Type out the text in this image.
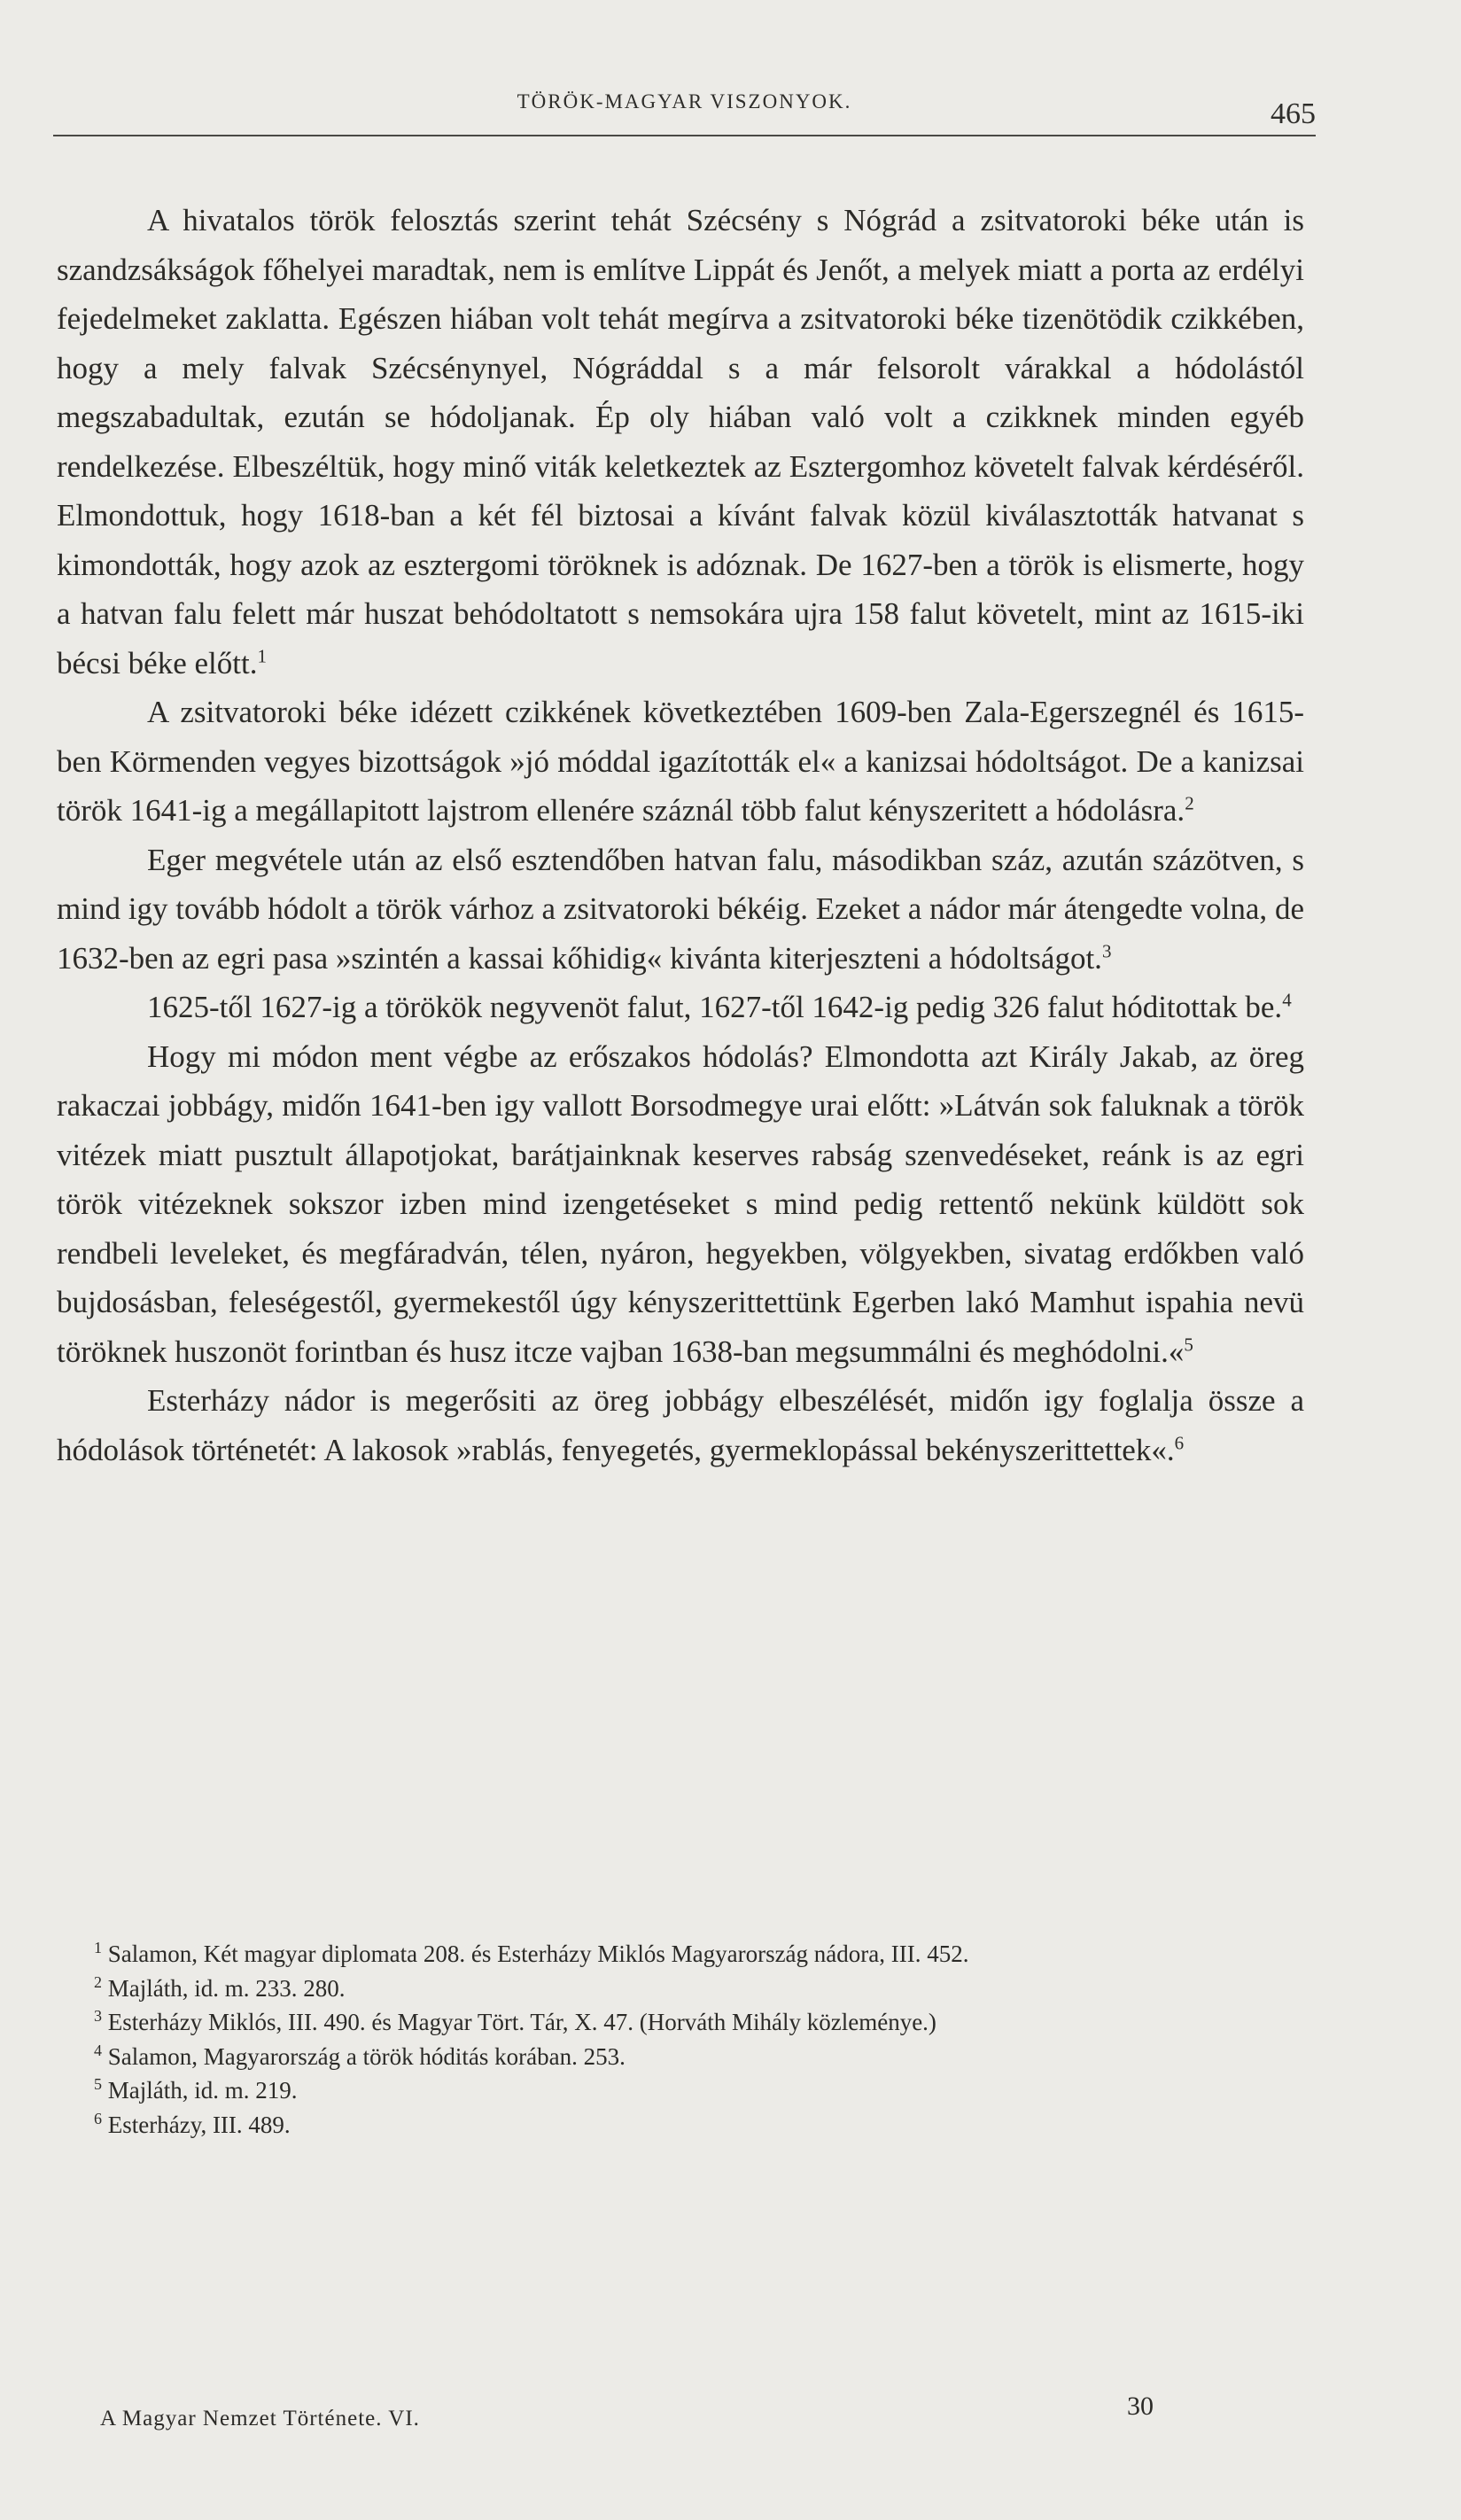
TÖRÖK-MAGYAR VISZONYOK.	465

A hivatalos török felosztás szerint tehát Szécsény s Nógrád a zsitvatoroki béke után is szandzsákságok főhelyei maradtak, nem is említve Lippát és Jenőt, a melyek miatt a porta az erdélyi fejedelmeket zaklatta. Egészen hiában volt tehát megírva a zsitvatoroki béke tizenötödik czikkében, hogy a mely falvak Szécsénynyel, Nógráddal s a már felsorolt várakkal a hódolástól megszabadultak, ezután se hódoljanak. Ép oly hiában való volt a czikknek minden egyéb rendelkezése. Elbeszéltük, hogy minő viták keletkeztek az Esztergomhoz követelt falvak kérdéséről. Elmondottuk, hogy 1618-ban a két fél biztosai a kívánt falvak közül kiválasztották hatvanat s kimondották, hogy azok az esztergomi töröknek is adóznak. De 1627-ben a török is elismerte, hogy a hatvan falu felett már huszat behódoltatott s nemsokára ujra 158 falut követelt, mint az 1615-iki bécsi béke előtt.$^1$

A zsitvatoroki béke idézett czikkének következtében 1609-ben Zala-Egerszegnél és 1615-ben Körmenden vegyes bizottságok »jó móddal igazították el« a kanizsai hódoltságot. De a kanizsai török 1641-ig a megállapitott lajstrom ellenére száznál több falut kényszeritett a hódolásra.$^2$

Eger megvétele után az első esztendőben hatvan falu, másodikban száz, azután százötven, s mind igy tovább hódolt a török várhoz a zsitvatoroki békéig. Ezeket a nádor már átengedte volna, de 1632-ben az egri pasa »szintén a kassai kőhidig« kivánta kiterjeszteni a hódoltságot.$^3$

1625-től 1627-ig a törökök negyvenöt falut, 1627-től 1642-ig pedig 326 falut hóditottak be.$^4$

Hogy mi módon ment végbe az erőszakos hódolás? Elmondotta azt Király Jakab, az öreg rakaczai jobbágy, midőn 1641-ben igy vallott Borsodmegye urai előtt: »Látván sok faluknak a török vitézek miatt pusztult állapotjokat, barátjainknak keserves rabság szenvedéseket, reánk is az egri török vitézeknek sokszor izben mind izengetéseket s mind pedig rettentő nekünk küldött sok rendbeli leveleket, és megfáradván, télen, nyáron, hegyekben, völgyekben, sivatag erdőkben való bujdosásban, feleségestől, gyermekestől úgy kényszerittettünk Egerben lakó Mamhut ispahia nevü töröknek huszonöt forintban és husz itcze vajban 1638-ban megsummálni és meghódolni.«$^5$

Esterházy nádor is megerősiti az öreg jobbágy elbeszélését, midőn igy foglalja össze a hódolások történetét: A lakosok »rablás, fenyegetés, gyermeklopással bekényszerittettek«.$^6$

$^1$ Salamon, Két magyar diplomata 208. és Esterházy Miklós Magyarország nádora, III. 452.

$^2$ Majláth, id. m. 233. 280.

$^3$ Esterházy Miklós, III. 490. és Magyar Tört. Tár, X. 47. (Horváth Mihály közleménye.)

$^4$ Salamon, Magyarország a török hóditás korában. 253.

$^5$ Majláth, id. m. 219.

$^6$ Esterházy, III. 489.

A Magyar Nemzet Története. VI.	30
